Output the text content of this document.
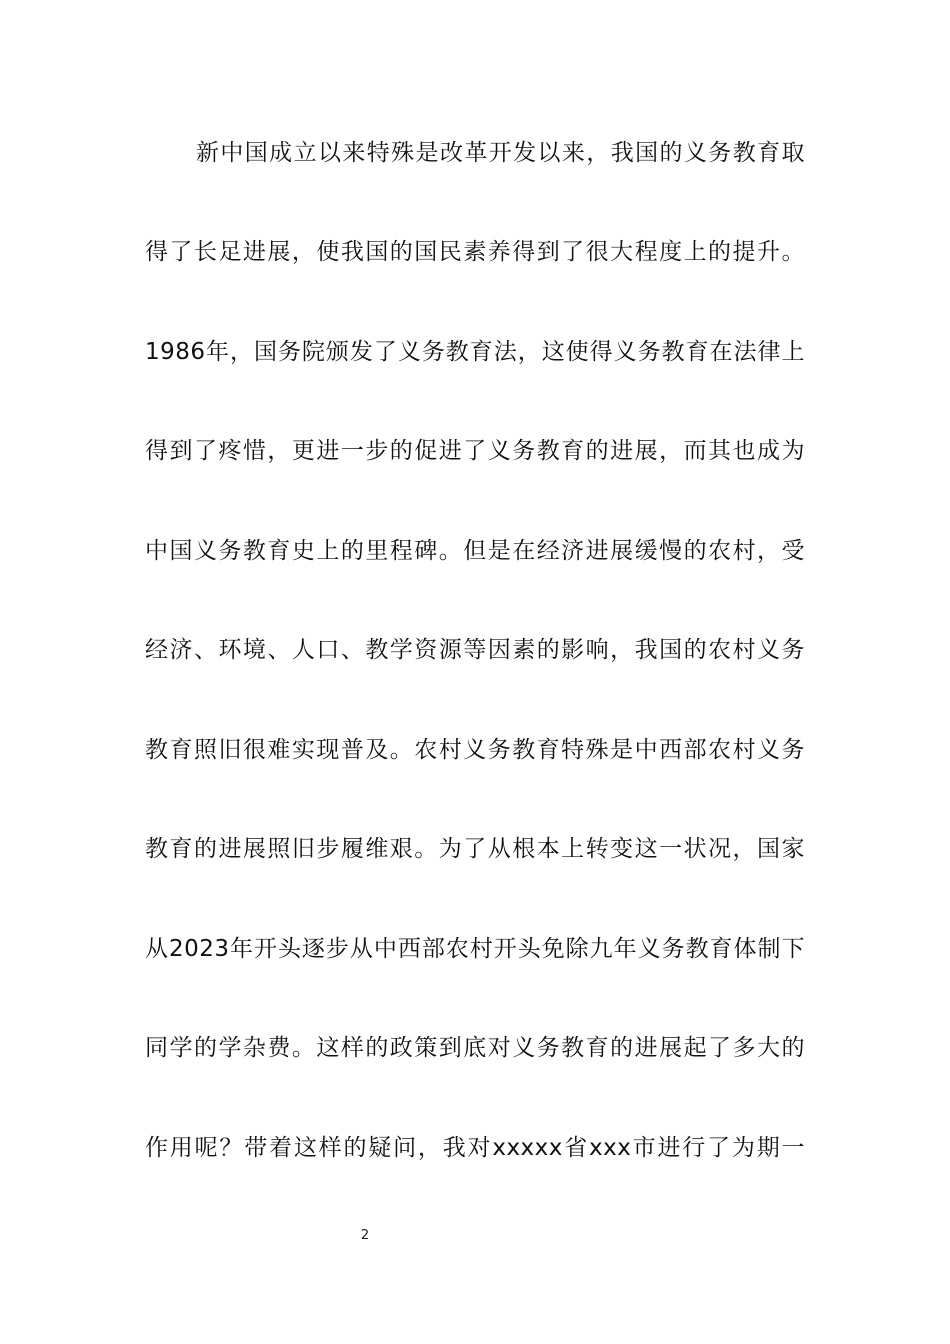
新中国成立以来特殊是改革开发以来，我国的义务教育取
得了长足进展，使我国的国民素养得到了很大程度上的提升。
1986年，国务院颁发了义务教育法，这使得义务教育在法律上
得到了疼惜，更进一步的促进了义务教育的进展，而其也成为
中国义务教育史上的里程碑。但是在经济进展缓慢的农村，受
经济、环境、人口、教学资源等因素的影响，我国的农村义务
教育照旧很难实现普及。农村义务教育特殊是中西部农村义务
教育的进展照旧步履维艰。为了从根本上转变这一状况，国家
从2023年开头逐步从中西部农村开头免除九年义务教育体制下
同学的学杂费。这样的政策到底对义务教育的进展起了多大的
作用呢？带着这样的疑问，我对xxxxx省xxx市进行了为期一
2
